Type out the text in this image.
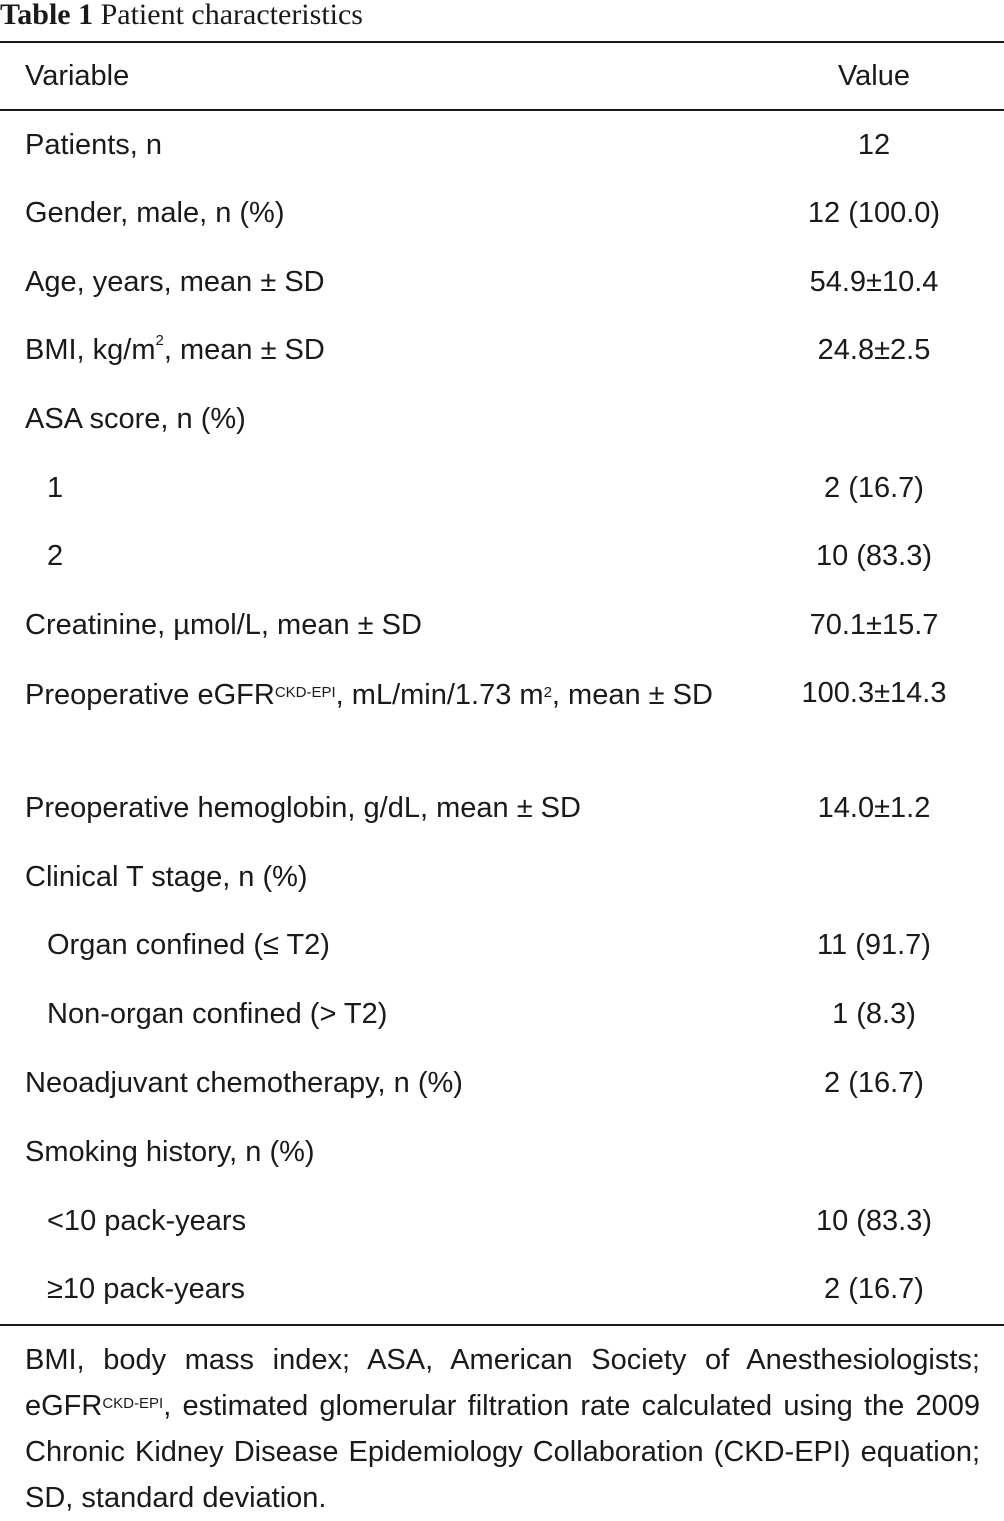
Table 1 Patient characteristics
Variable	Value
Patients, n	12
Gender, male, n (%)	12 (100.0)
Age, years, mean ± SD	54.9±10.4
BMI, $kg/m^2$, mean ± SD	24.8±2.5
ASA score, n (%)
1	2 (16.7)
2	10 (83.3)
Creatinine, µmol/L, mean ± SD	70.1±15.7
Preoperative eGFR$^{CKD-EPI}$, mL/min/1.73 $m^2$, mean ± SD	100.3±14.3
Preoperative hemoglobin, g/dL, mean ± SD	14.0±1.2
Clinical T stage, n (%)
Organ confined (≤ T2)	11 (91.7)
Non-organ confined (> T2)	1 (8.3)
Neoadjuvant chemotherapy, n (%)	2 (16.7)
Smoking history, n (%)
<10 pack-years	10 (83.3)
≥10 pack-years	2 (16.7)
BMI, body mass index; ASA, American Society of Anesthesiologists; eGFR$^{CKD-EPI}$, estimated glomerular filtration rate calculated using the 2009 Chronic Kidney Disease Epidemiology Collaboration (CKD-EPI) equation; SD, standard deviation.
